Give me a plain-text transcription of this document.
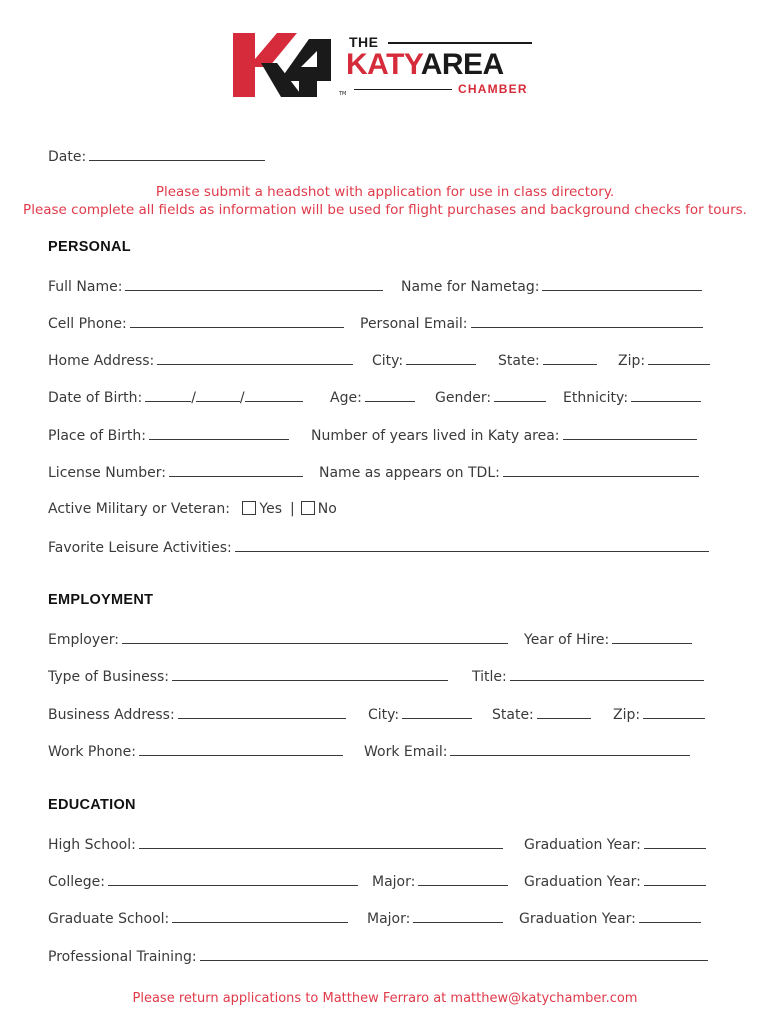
THE
KATYAREA
CHAMBER
TM
Date:
Please submit a headshot with application for use in class directory.
Please complete all fields as information will be used for flight purchases and background checks for tours.
PERSONAL
Full Name:	Name for Nametag:
Cell Phone:	Personal Email:
Home Address:	City:	State:	Zip:
Date of Birth:	/	/	Age:	Gender:	Ethnicity:
Place of Birth:	Number of years lived in Katy area:
License Number:	Name as appears on TDL:
Active Military or Veteran: Yes | No
Favorite Leisure Activities:
EMPLOYMENT
Employer:	Year of Hire:
Type of Business:	Title:
Business Address:	City:	State:	Zip:
Work Phone:	Work Email:
EDUCATION
High School:	Graduation Year:
College:	Major:	Graduation Year:
Graduate School:	Major:	Graduation Year:
Professional Training:
Please return applications to Matthew Ferraro at matthew@katychamber.com
